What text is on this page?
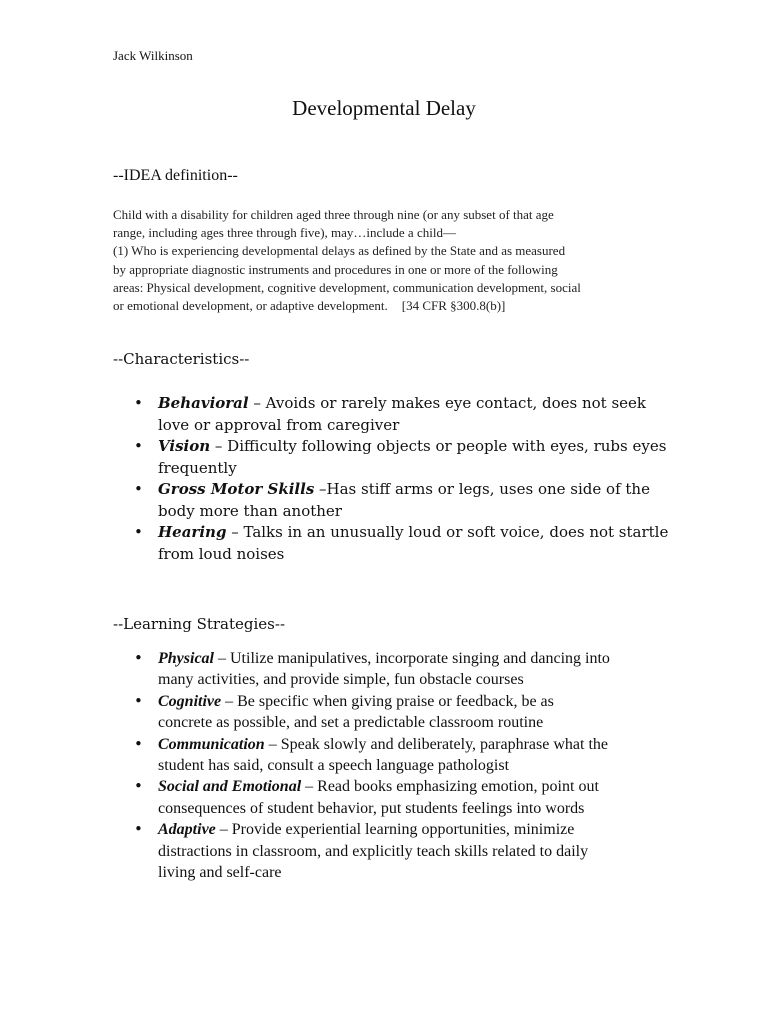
Jack Wilkinson
Developmental Delay
--IDEA definition--
Child with a disability for children aged three through nine (or any subset of that age
range, including ages three through five), may…include a child—
(1) Who is experiencing developmental delays as defined by the State and as measured
by appropriate diagnostic instruments and procedures in one or more of the following
areas: Physical development, cognitive development, communication development, social
or emotional development, or adaptive development. [34 CFR §300.8(b)]
--Characteristics--
• Behavioral – Avoids or rarely makes eye contact, does not seek
love or approval from caregiver
• Vision – Difficulty following objects or people with eyes, rubs eyes
frequently
• Gross Motor Skills –Has stiff arms or legs, uses one side of the
body more than another
• Hearing – Talks in an unusually loud or soft voice, does not startle
from loud noises
--Learning Strategies--
• Physical – Utilize manipulatives, incorporate singing and dancing into
many activities, and provide simple, fun obstacle courses
• Cognitive – Be specific when giving praise or feedback, be as
concrete as possible, and set a predictable classroom routine
• Communication – Speak slowly and deliberately, paraphrase what the
student has said, consult a speech language pathologist
• Social and Emotional – Read books emphasizing emotion, point out
consequences of student behavior, put students feelings into words
• Adaptive – Provide experiential learning opportunities, minimize
distractions in classroom, and explicitly teach skills related to daily
living and self-care
